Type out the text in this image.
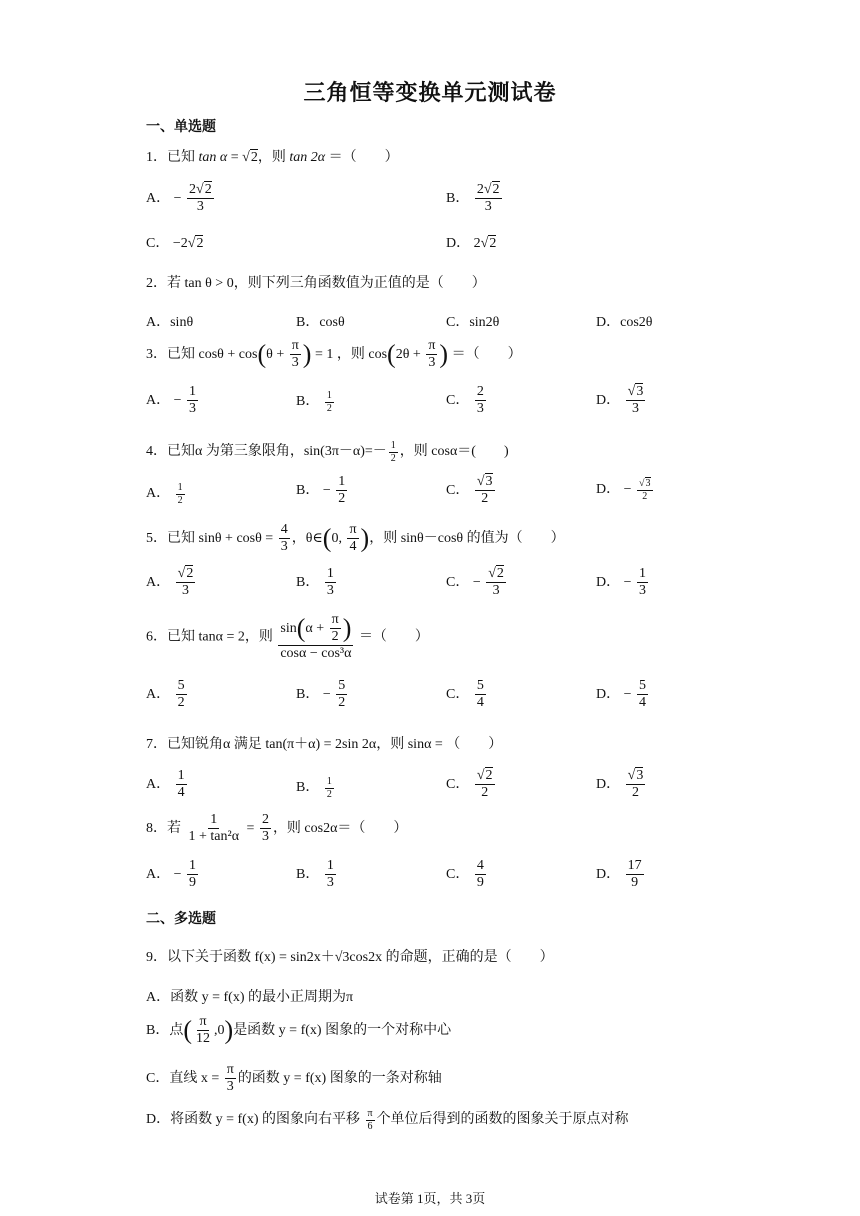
三角恒等变换单元测试卷
一、单选题
1．已知 tan α = √2，则 tan 2α ＝（　　）
A． − $\frac{2√2}{3}$	B． $\frac{2√2}{3}$
C． −2√2	D． 2√2
2．若 tan θ > 0，则下列三角函数值为正值的是（　　）
A．sinθ	B．cosθ	C．sin2θ	D．cos2θ
3．已知 $\cos\theta + \cos(\theta + \frac{\pi}{3}$ ) = 1 ，则 $\cos(2\theta + \frac{\pi}{3}$ ) ＝（　　）
A． − $\frac{1}{3}$	B． $\frac{1}{2}$	C． $\frac{2}{3}$	D． $\frac{√3}{3}$
4．已知α 为第三象限角，$\sin(3\pi-\alpha)=- \frac{1}{2}$ ，则 cosα＝(　　)
A． $\frac{1}{2}$	B． − $\frac{1}{2}$	C． $\frac{√3}{2}$	D． − $\frac{√3}{2}$
5．已知 $\sin\theta + \cos\theta = \frac{4}{3}$ ，θ∈(0, $\frac{\pi}{4}$ )，则 sinθ－cosθ 的值为（　　）
A． $\frac{√2}{3}$	B． $\frac{1}{3}$	C． − $\frac{√2}{3}$	D． − $\frac{1}{3}$
6．已知 tanα = 2，则 $\frac{\sin(\alpha + \frac{\pi}{2} )}{\text{cosα − cos³α}}$ ＝（　　）
A． $\frac{5}{2}$	B． − $\frac{5}{2}$	C． $\frac{5}{4}$	D． − $\frac{5}{4}$
7．已知锐角α 满足 tan(π＋α) = 2sin 2α，则 sinα = （　　）
A． $\frac{1}{4}$	B． $\frac{1}{2}$	C． $\frac{√2}{2}$	D． $\frac{√3}{2}$
8．若 $\frac{1}{\text{1 + tan²α}} = \frac{2}{3}$ ，则 cos2α＝（　　）
A． − $\frac{1}{9}$	B． $\frac{1}{3}$	C． $\frac{4}{9}$	D． $\frac{17}{9}$
二、多选题
9．以下关于函数 f(x) = sin2x＋√3cos2x 的命题，正确的是（　　）
A．函数 y = f(x) 的最小正周期为π
B．点( $\frac{\pi}{12} ,0$)是函数 y = f(x) 图象的一个对称中心
C．直线 $x = \frac{\pi}{3}$ 的函数 y = f(x) 图象的一条对称轴
D．将函数 y = f(x) 的图象向右平移 $\frac{\pi}{6}$ 个单位后得到的函数的图象关于原点对称
试卷第 1页，共 3页
